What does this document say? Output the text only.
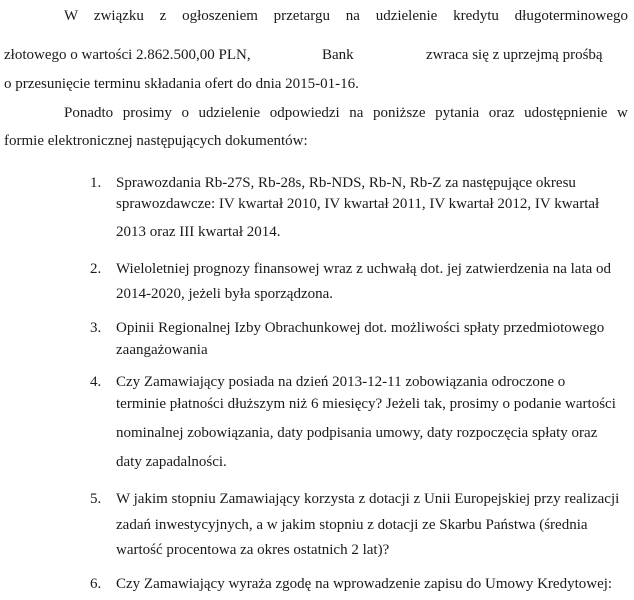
W związku z ogłoszeniem przetargu na udzielenie kredytu długoterminowego
złotowego o wartości 2.862.500,00 PLN,	Bank	zwraca się z uprzejmą prośbą
o przesunięcie terminu składania ofert do dnia 2015-01-16.
Ponadto prosimy o udzielenie odpowiedzi na poniższe pytania oraz udostępnienie w
formie elektronicznej następujących dokumentów:
1. Sprawozdania Rb-27S, Rb-28s, Rb-NDS, Rb-N, Rb-Z za następujące okresu
sprawozdawcze: IV kwartał 2010, IV kwartał 2011, IV kwartał 2012, IV kwartał
2013 oraz III kwartał 2014.
2. Wieloletniej prognozy finansowej wraz z uchwałą dot. jej zatwierdzenia na lata od
2014-2020, jeżeli była sporządzona.
3. Opinii Regionalnej Izby Obrachunkowej dot. możliwości spłaty przedmiotowego
zaangażowania
4. Czy Zamawiający posiada na dzień 2013-12-11 zobowiązania odroczone o
terminie płatności dłuższym niż 6 miesięcy? Jeżeli tak, prosimy o podanie wartości
nominalnej zobowiązania, daty podpisania umowy, daty rozpoczęcia spłaty oraz
daty zapadalności.
5. W jakim stopniu Zamawiający korzysta z dotacji z Unii Europejskiej przy realizacji
zadań inwestycyjnych, a w jakim stopniu z dotacji ze Skarbu Państwa (średnia
wartość procentowa za okres ostatnich 2 lat)?
6. Czy Zamawiający wyraża zgodę na wprowadzenie zapisu do Umowy Kredytowej:
